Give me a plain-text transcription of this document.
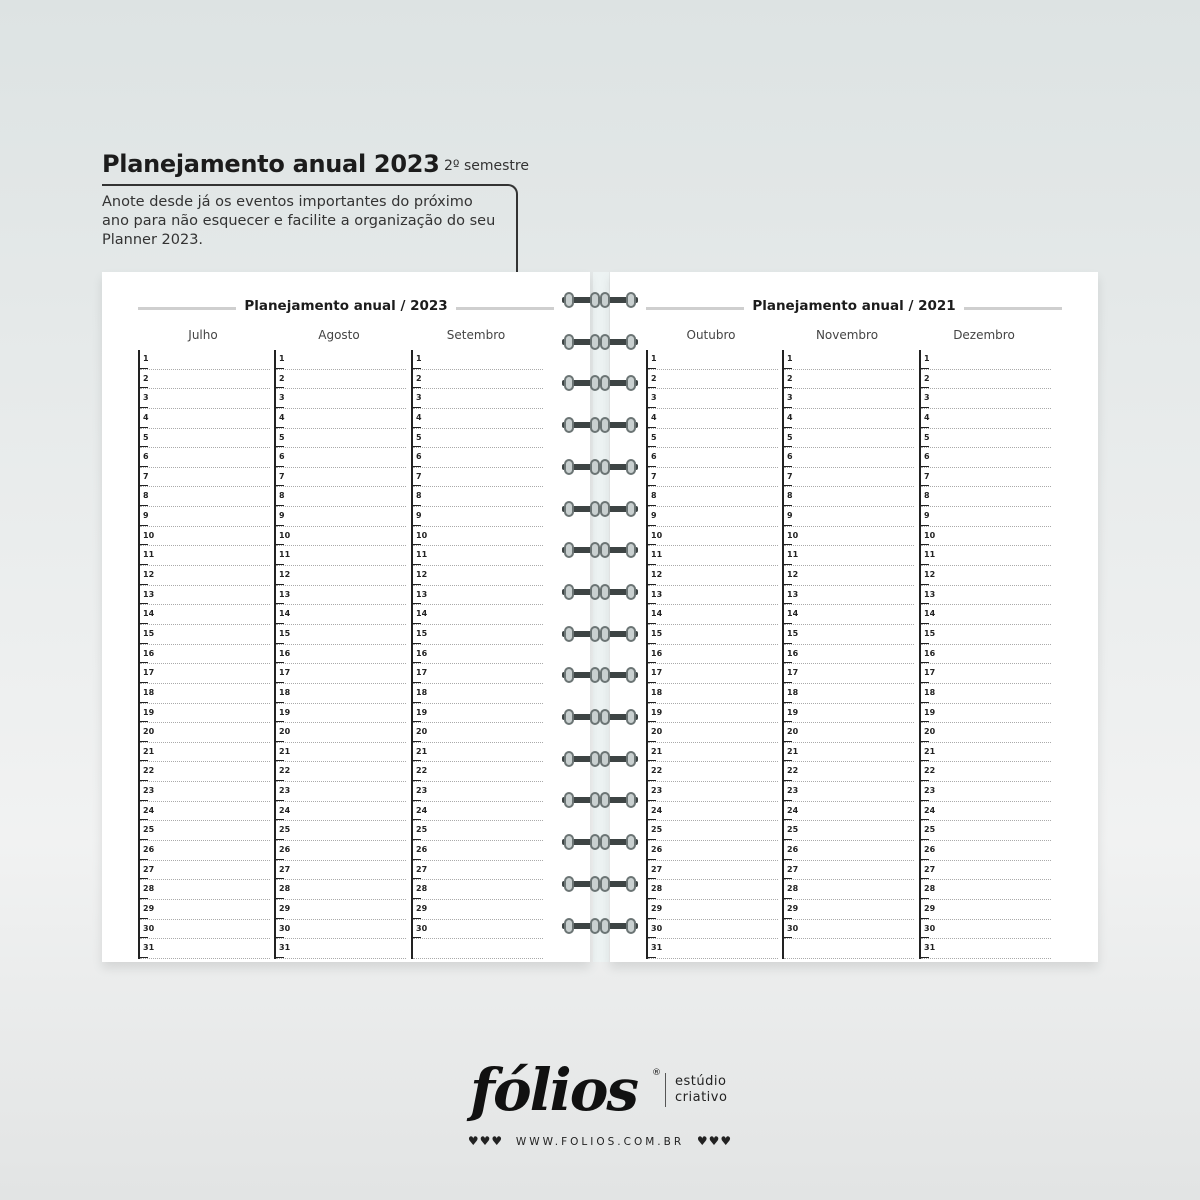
Planejamento anual 2023 2º semestre
Anote desde já os eventos importantes do próximo ano para não esquecer e facilite a organização do seu Planner 2023.
Planejamento anual / 2023
Julho
1
2
3
4
5
6
7
8
9
10
11
12
13
14
15
16
17
18
19
20
21
22
23
24
25
26
27
28
29
30
31
Agosto
1
2
3
4
5
6
7
8
9
10
11
12
13
14
15
16
17
18
19
20
21
22
23
24
25
26
27
28
29
30
31
Setembro
1
2
3
4
5
6
7
8
9
10
11
12
13
14
15
16
17
18
19
20
21
22
23
24
25
26
27
28
29
30
Planejamento anual / 2021
Outubro
1
2
3
4
5
6
7
8
9
10
11
12
13
14
15
16
17
18
19
20
21
22
23
24
25
26
27
28
29
30
31
Novembro
1
2
3
4
5
6
7
8
9
10
11
12
13
14
15
16
17
18
19
20
21
22
23
24
25
26
27
28
29
30
Dezembro
1
2
3
4
5
6
7
8
9
10
11
12
13
14
15
16
17
18
19
20
21
22
23
24
25
26
27
28
29
30
31
fólios ®
estúdio
criativo
♥♥♥ WWW.FOLIOS.COM.BR ♥♥♥
